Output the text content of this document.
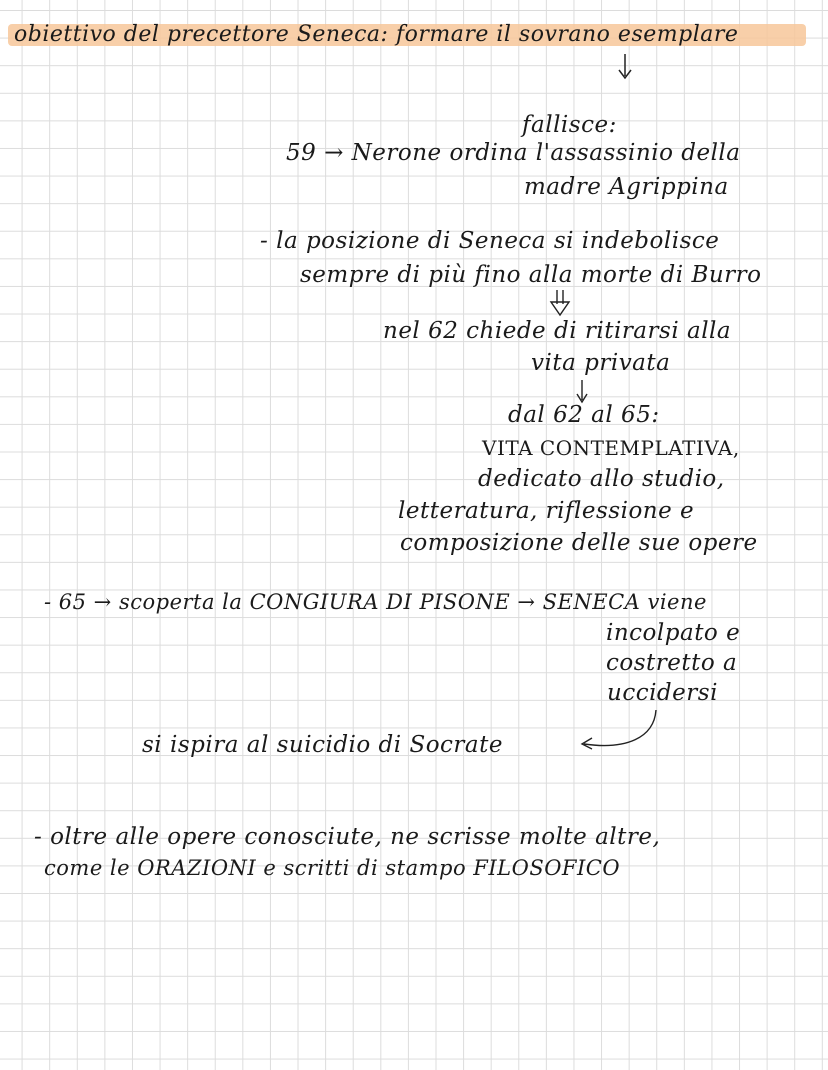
obiettivo del precettore Seneca: formare il sovrano esemplare
fallisce:
59 → Nerone ordina l'assassinio della
madre Agrippina
- la posizione di Seneca si indebolisce
sempre di più fino alla morte di Burro
nel 62 chiede di ritirarsi alla
vita privata
dal 62 al 65:
VITA CONTEMPLATIVA,
dedicato allo studio,
letteratura, riflessione e
composizione delle sue opere
- 65 → scoperta la CONGIURA DI PISONE → SENECA viene
incolpato e
costretto a
uccidersi
si ispira al suicidio di Socrate
- oltre alle opere conosciute, ne scrisse molte altre,
come le ORAZIONI e scritti di stampo FILOSOFICO
